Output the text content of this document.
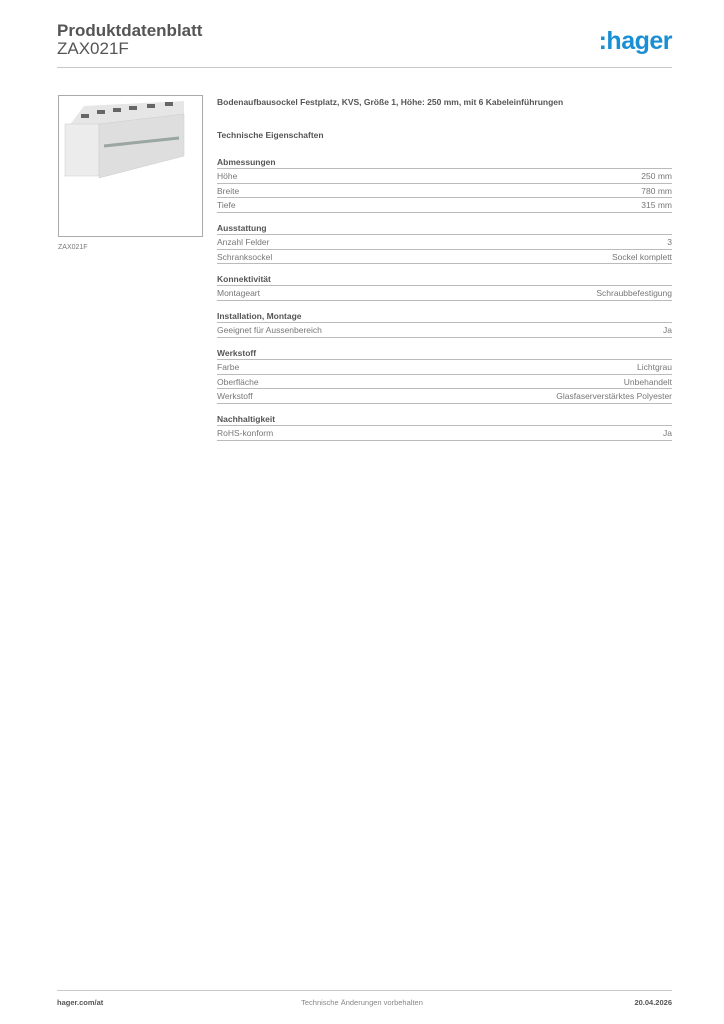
Produktdatenblatt
ZAX021F	:hager
ZAX021F
Bodenaufbausockel Festplatz, KVS, Größe 1, Höhe: 250 mm, mit 6 Kabeleinführungen
Technische Eigenschaften
Abmessungen
Höhe	250 mm
Breite	780 mm
Tiefe	315 mm
Ausstattung
Anzahl Felder	3
Schranksockel	Sockel komplett
Konnektivität
Montageart	Schraubbefestigung
Installation, Montage
Geeignet für Aussenbereich	Ja
Werkstoff
Farbe	Lichtgrau
Oberfläche	Unbehandelt
Werkstoff	Glasfaserverstärktes Polyester
Nachhaltigkeit
RoHS-konform	Ja
hager.com/at	Technische Änderungen vorbehalten	20.04.2026
